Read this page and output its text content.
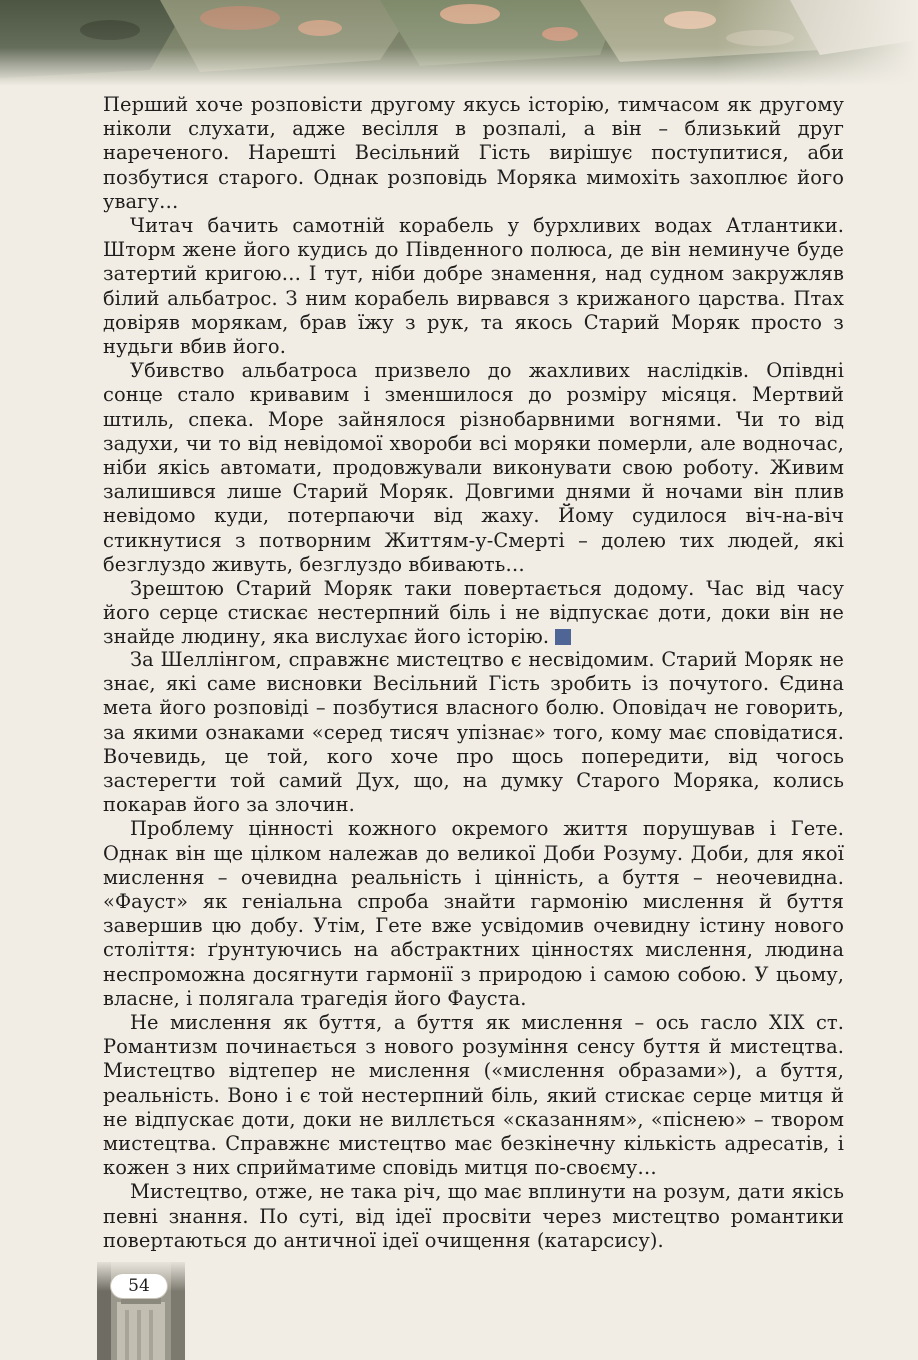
Перший хоче розповісти другому якусь історію, тимчасом як другому ніколи слухати, адже весілля в розпалі, а він – близький друг нареченого. Нарешті Весільний Гість вирішує поступитися, аби позбутися старого. Однак розповідь Моряка мимохіть захоплює його увагу…

Читач бачить самотній корабель у бурхливих водах Атлантики. Шторм жене його кудись до Південного полюса, де він неминуче буде затертий кригою… І тут, ніби добре знамення, над судном закружляв білий альбатрос. З ним корабель вирвався з крижаного царства. Птах довіряв морякам, брав їжу з рук, та якось Старий Моряк просто з нудьги вбив його.

Убивство альбатроса призвело до жахливих наслідків. Опівдні сонце стало кривавим і зменшилося до розміру місяця. Мертвий штиль, спека. Море зайнялося різнобарвними вогнями. Чи то від задухи, чи то від невідомої хвороби всі моряки померли, але водночас, ніби якісь автомати, продовжували виконувати свою роботу. Живим залишився лише Старий Моряк. Довгими днями й ночами він плив невідомо куди, потерпаючи від жаху. Йому судилося віч-на-віч стикнутися з потворним Життям-у-Смерті – долею тих людей, які безглуздо живуть, безглуздо вбивають…

Зрештою Старий Моряк таки повертається додому. Час від часу його серце стискає нестерпний біль і не відпускає доти, доки він не знайде людину, яка вислухає його історію.

За Шеллінгом, справжнє мистецтво є несвідомим. Старий Моряк не знає, які саме висновки Весільний Гість зробить із почутого. Єдина мета його розповіді – позбутися власного болю. Оповідач не говорить, за якими ознаками «серед тисяч упізнає» того, кому має сповідатися. Вочевидь, це той, кого хоче про щось попередити, від чогось застерегти той самий Дух, що, на думку Старого Моряка, колись покарав його за злочин.

Проблему цінності кожного окремого життя порушував і Гете. Однак він ще цілком належав до великої Доби Розуму. Доби, для якої мислення – очевидна реальність і цінність, а буття – неочевидна. «Фауст» як геніальна спроба знайти гармонію мислення й буття завершив цю добу. Утім, Гете вже усвідомив очевидну істину нового століття: ґрунтуючись на абстрактних цінностях мислення, людина неспроможна досягнути гармонії з природою і самою собою. У цьому, власне, і полягала трагедія його Фауста.

Не мислення як буття, а буття як мислення – ось гасло XIX ст. Романтизм починається з нового розуміння сенсу буття й мистецтва. Мистецтво відтепер не мислення («мислення образами»), а буття, реальність. Воно і є той нестерпний біль, який стискає серце митця й не відпускає доти, доки не виллється «сказанням», «піснею» – твором мистецтва. Справжнє мистецтво має безкінечну кількість адресатів, і кожен з них сприйматиме сповідь митця по-своєму…

Мистецтво, отже, не така річ, що має вплинути на розум, дати якісь певні знання. По суті, від ідеї просвіти через мистецтво романтики повертаються до античної ідеї очищення (катарсису).

54
